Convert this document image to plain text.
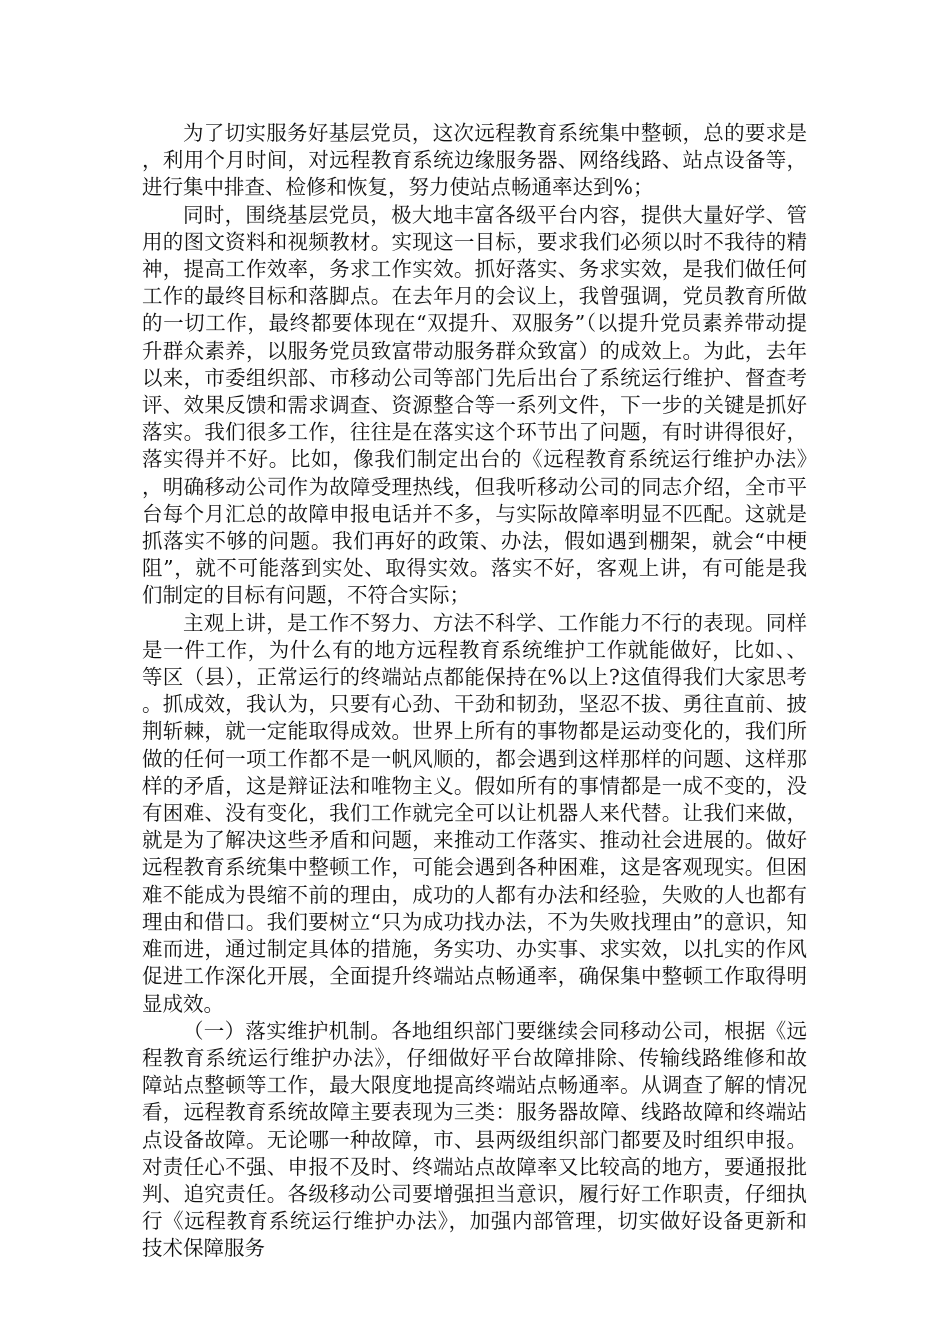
为了切实服务好基层党员，这次远程教育系统集中整顿，总的要求是，利用个月时间，对远程教育系统边缘服务器、网络线路、站点设备等，进行集中排查、检修和恢复，努力使站点畅通率达到%；

同时，围绕基层党员，极大地丰富各级平台内容，提供大量好学、管用的图文资料和视频教材。实现这一目标，要求我们必须以时不我待的精神，提高工作效率，务求工作实效。抓好落实、务求实效，是我们做任何工作的最终目标和落脚点。在去年月的会议上，我曾强调，党员教育所做的一切工作，最终都要体现在“双提升、双服务”（以提升党员素养带动提升群众素养，以服务党员致富带动服务群众致富）的成效上。为此，去年以来，市委组织部、市移动公司等部门先后出台了系统运行维护、督查考评、效果反馈和需求调查、资源整合等一系列文件，下一步的关键是抓好落实。我们很多工作，往往是在落实这个环节出了问题，有时讲得很好，落实得并不好。比如，像我们制定出台的《远程教育系统运行维护办法》，明确移动公司作为故障受理热线，但我听移动公司的同志介绍，全市平台每个月汇总的故障申报电话并不多，与实际故障率明显不匹配。这就是抓落实不够的问题。我们再好的政策、办法，假如遇到棚架，就会“中梗阻”，就不可能落到实处、取得实效。落实不好，客观上讲，有可能是我们制定的目标有问题，不符合实际；

主观上讲，是工作不努力、方法不科学、工作能力不行的表现。同样是一件工作，为什么有的地方远程教育系统维护工作就能做好，比如、、等区（县），正常运行的终端站点都能保持在%以上?这值得我们大家思考。抓成效，我认为，只要有心劲、干劲和韧劲，坚忍不拔、勇往直前、披荆斩棘，就一定能取得成效。世界上所有的事物都是运动变化的，我们所做的任何一项工作都不是一帆风顺的，都会遇到这样那样的问题、这样那样的矛盾，这是辩证法和唯物主义。假如所有的事情都是一成不变的，没有困难、没有变化，我们工作就完全可以让机器人来代替。让我们来做，就是为了解决这些矛盾和问题，来推动工作落实、推动社会进展的。做好远程教育系统集中整顿工作，可能会遇到各种困难，这是客观现实。但困难不能成为畏缩不前的理由，成功的人都有办法和经验，失败的人也都有理由和借口。我们要树立“只为成功找办法，不为失败找理由”的意识，知难而进，通过制定具体的措施，务实功、办实事、求实效，以扎实的作风促进工作深化开展，全面提升终端站点畅通率，确保集中整顿工作取得明显成效。

（一）落实维护机制。各地组织部门要继续会同移动公司，根据《远程教育系统运行维护办法》，仔细做好平台故障排除、传输线路维修和故障站点整顿等工作，最大限度地提高终端站点畅通率。从调查了解的情况看，远程教育系统故障主要表现为三类：服务器故障、线路故障和终端站点设备故障。无论哪一种故障，市、县两级组织部门都要及时组织申报。对责任心不强、申报不及时、终端站点故障率又比较高的地方，要通报批判、追究责任。各级移动公司要增强担当意识，履行好工作职责，仔细执行《远程教育系统运行维护办法》，加强内部管理，切实做好设备更新和技术保障服务
